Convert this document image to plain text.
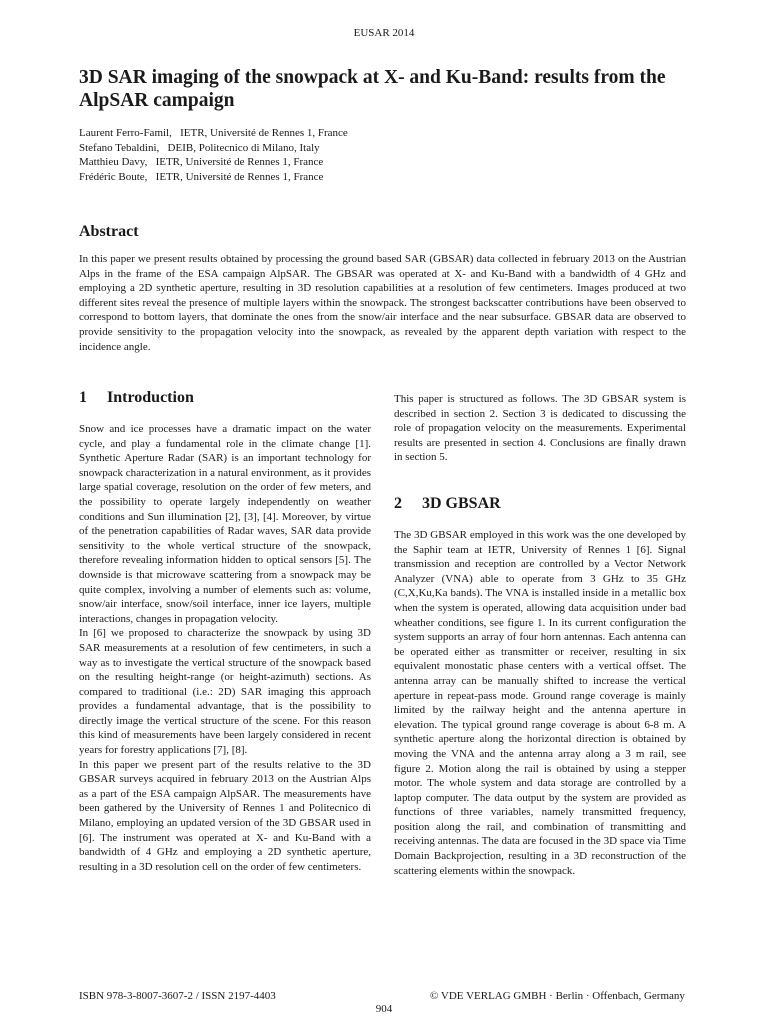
EUSAR 2014
3D SAR imaging of the snowpack at X- and Ku-Band: results from the AlpSAR campaign
Laurent Ferro-Famil,   IETR, Université de Rennes 1, France
Stefano Tebaldini,   DEIB, Politecnico di Milano, Italy
Matthieu Davy,   IETR, Université de Rennes 1, France
Frédéric Boute,   IETR, Université de Rennes 1, France
Abstract

In this paper we present results obtained by processing the ground based SAR (GBSAR) data collected in february 2013 on the Austrian Alps in the frame of the ESA campaign AlpSAR. The GBSAR was operated at X- and Ku-Band with a bandwidth of 4 GHz and employing a 2D synthetic aperture, resulting in 3D resolution capabilities at a resolution of few centimeters. Images produced at two different sites reveal the presence of multiple layers within the snowpack. The strongest backscatter contributions have been observed to correspond to bottom layers, that dominate the ones from the snow/air interface and the near subsurface. GBSAR data are observed to provide sensitivity to the propagation velocity into the snowpack, as revealed by the apparent depth variation with respect to the incidence angle.

1 Introduction

Snow and ice processes have a dramatic impact on the water cycle, and play a fundamental role in the climate change [1]. Synthetic Aperture Radar (SAR) is an important technology for snowpack characterization in a natural environment, as it provides large spatial coverage, resolution on the order of few meters, and the possibility to operate largely independently on weather conditions and Sun illumination [2], [3], [4]. Moreover, by virtue of the penetration capabilities of Radar waves, SAR data provide sensitivity to the whole vertical structure of the snowpack, therefore revealing information hidden to optical sensors [5]. The downside is that microwave scattering from a snowpack may be quite complex, involving a number of elements such as: volume, snow/air interface, snow/soil interface, inner ice layers, multiple interactions, changes in propagation velocity.

In [6] we proposed to characterize the snowpack by using 3D SAR measurements at a resolution of few centimeters, in such a way as to investigate the vertical structure of the snowpack based on the resulting height-range (or height-azimuth) sections. As compared to traditional (i.e.: 2D) SAR imaging this approach provides a fundamental advantage, that is the possibility to directly image the vertical structure of the scene. For this reason this kind of measurements have been largely considered in recent years for forestry applications [7], [8].

In this paper we present part of the results relative to the 3D GBSAR surveys acquired in february 2013 on the Austrian Alps as a part of the ESA campaign AlpSAR. The measurements have been gathered by the University of Rennes 1 and Politecnico di Milano, employing an updated version of the 3D GBSAR used in [6]. The instrument was operated at X- and Ku-Band with a bandwidth of 4 GHz and employing a 2D synthetic aperture, resulting in a 3D resolution cell on the order of few centimeters.

This paper is structured as follows. The 3D GBSAR system is described in section 2. Section 3 is dedicated to discussing the role of propagation velocity on the measurements. Experimental results are presented in section 4. Conclusions are finally drawn in section 5.

2 3D GBSAR

The 3D GBSAR employed in this work was the one developed by the Saphir team at IETR, University of Rennes 1 [6]. Signal transmission and reception are controlled by a Vector Network Analyzer (VNA) able to operate from 3 GHz to 35 GHz (C,X,Ku,Ka bands). The VNA is installed inside in a metallic box when the system is operated, allowing data acquisition under bad wheather conditions, see figure 1. In its current configuration the system supports an array of four horn antennas. Each antenna can be operated either as transmitter or receiver, resulting in six equivalent monostatic phase centers with a vertical offset. The antenna array can be manually shifted to increase the vertical aperture in repeat-pass mode. Ground range coverage is mainly limited by the railway height and the antenna aperture in elevation. The typical ground range coverage is about 6-8 m. A synthetic aperture along the horizontal direction is obtained by moving the VNA and the antenna array along a 3 m rail, see figure 2. Motion along the rail is obtained by using a stepper motor. The whole system and data storage are controlled by a laptop computer. The data output by the system are provided as functions of three variables, namely transmitted frequency, position along the rail, and combination of transmitting and receiving antennas. The data are focused in the 3D space via Time Domain Backprojection, resulting in a 3D reconstruction of the scattering elements within the snowpack.

ISBN 978-3-8007-3607-2 / ISSN 2197-4403	© VDE VERLAG GMBH · Berlin · Offenbach, Germany
904
